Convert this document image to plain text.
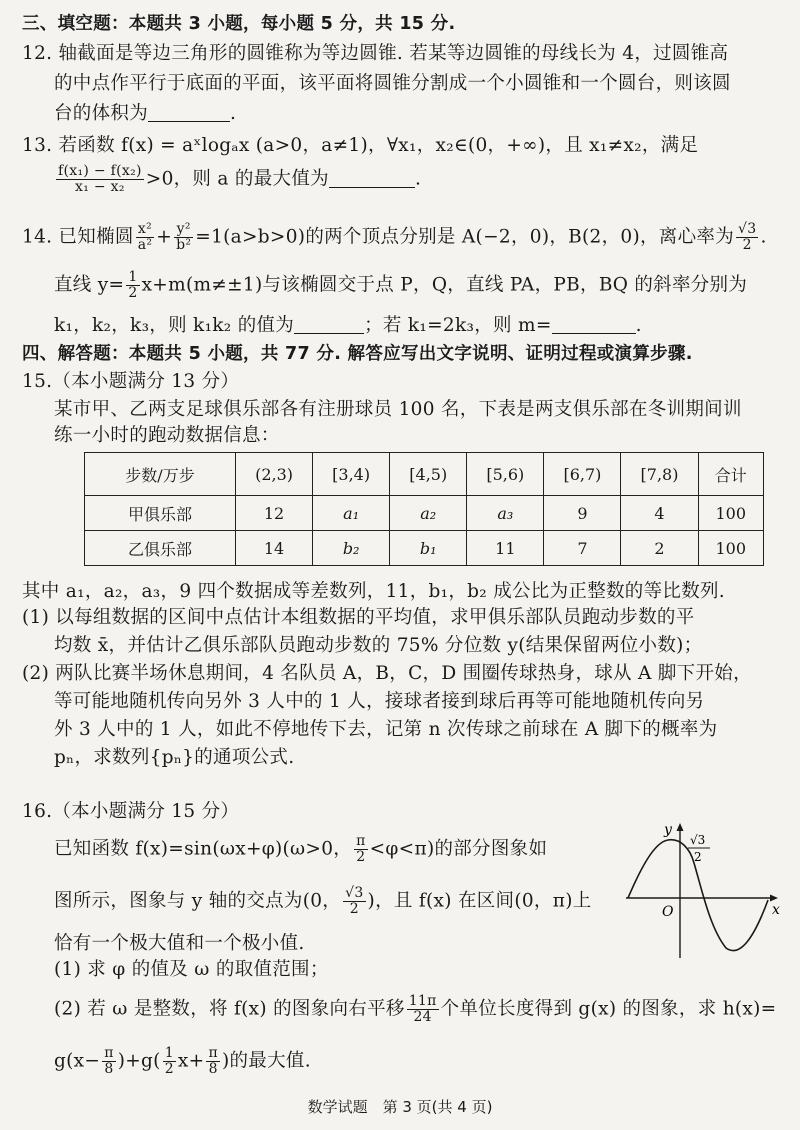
三、填空题：本题共 3 小题，每小题 5 分，共 15 分.
12. 轴截面是等边三角形的圆锥称为等边圆锥. 若某等边圆锥的母线长为 4，过圆锥高
的中点作平行于底面的平面，该平面将圆锥分割成一个小圆锥和一个圆台，则该圆
台的体积为	.
13. 若函数 f(x) = aˣlogₐx (a>0，a≠1)，∀x₁，x₂∈(0，+∞)，且 x₁≠x₂，满足
$\frac{\text{f(x₁) − f(x₂)}}{\text{x₁ − x₂}} >0$，则 a 的最大值为	.
14. 已知椭圆 $\frac{\text{x²}}{\text{a²}} + \frac{\text{y²}}{\text{b²}} =1(a>b>0)$的两个顶点分别是 A(−2，0)，B(2，0)，离心率为 $\frac{√3}{2}$ .
直线 $y= \frac{1}{2} x+m(m\ne\pm 1)$与该椭圆交于点 P，Q，直线 PA，PB，BQ 的斜率分别为
k₁，k₂，k₃，则 k₁k₂ 的值为	；若 k₁=2k₃，则 m=	.
四、解答题：本题共 5 小题，共 77 分. 解答应写出文字说明、证明过程或演算步骤.
15.（本小题满分 13 分）
某市甲、乙两支足球俱乐部各有注册球员 100 名，下表是两支俱乐部在冬训期间训
练一小时的跑动数据信息：
步数/万步	(2,3)	[3,4)	[4,5)	[5,6)	[6,7)	[7,8)	合计
甲俱乐部	12	a₁	a₂	a₃	9	4	100
乙俱乐部	14	b₂	b₁	11	7	2	100
其中 a₁，a₂，a₃，9 四个数据成等差数列，11，b₁，b₂ 成公比为正整数的等比数列.
(1) 以每组数据的区间中点估计本组数据的平均值，求甲俱乐部队员跑动步数的平
均数 x̄，并估计乙俱乐部队员跑动步数的 75% 分位数 y(结果保留两位小数)；
(2) 两队比赛半场休息期间，4 名队员 A，B，C，D 围圈传球热身，球从 A 脚下开始，
等可能地随机传向另外 3 人中的 1 人，接球者接到球后再等可能地随机传向另
外 3 人中的 1 人，如此不停地传下去，记第 n 次传球之前球在 A 脚下的概率为
pₙ，求数列{pₙ}的通项公式.
16.（本小题满分 15 分）
已知函数 f(x)=sin(ωx+φ)(ω>0， $\frac{\pi}{2} <\varphi<\pi$)的部分图象如
图所示，图象与 y 轴的交点为(0， $\frac{√3}{2}$ )，且 f(x) 在区间(0，π)上
恰有一个极大值和一个极小值.
(1) 求 φ 的值及 ω 的取值范围；
(2) 若 ω 是整数，将 f(x) 的图象向右平移 $\frac{11\pi}{24}$ 个单位长度得到 g(x) 的图象，求 h(x)=
$g(x- \frac{\pi}{8} )+g( \frac{1}{2} x+ \frac{\pi}{8}$ )的最大值.
y
x
O
√3
2
数学试题　第 3 页(共 4 页)
